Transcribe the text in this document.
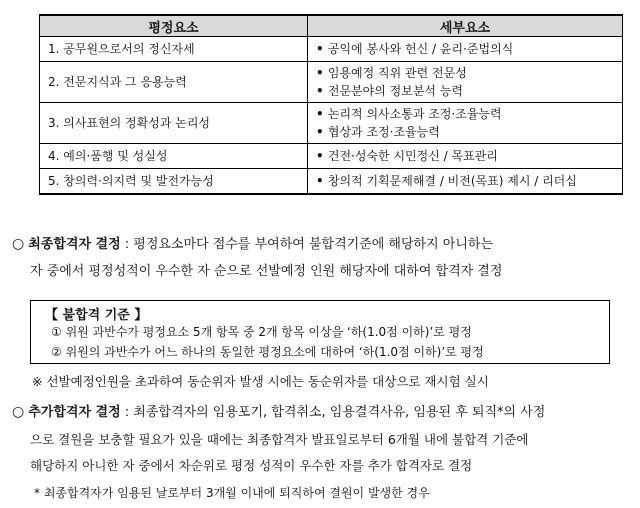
평정요소	세부요소
1. 공무원으로서의 정신자세	• 공익에 봉사와 헌신 / 윤리·준법의식

2. 전문지식과 그 응용능력	• 임용예정 직위 관련 전문성
• 전문분야의 정보분석 능력

3. 의사표현의 정확성과 논리성	• 논리적 의사소통과 조정·조율능력
• 협상과 조정·조율능력

4. 예의·품행 및 성실성	• 건전·성숙한 시민정신 / 목표관리

5. 창의력·의지력 및 발전가능성	• 창의적 기획문제해결 / 비전(목표) 제시 / 리더십
○ 최종합격자 결정 : 평정요소마다 점수를 부여하여 불합격기준에 해당하지 아니하는
자 중에서 평정성적이 우수한 자 순으로 선발예정 인원 해당자에 대하여 합격자 결정
【 불합격 기준 】
① 위원 과반수가 평정요소 5개 항목 중 2개 항목 이상을 ‘하(1.0점 이하)’로 평정
② 위원의 과반수가 어느 하나의 동일한 평정요소에 대하여 ‘하(1.0점 이하)’로 평정
※ 선발예정인원을 초과하여 동순위자 발생 시에는 동순위자를 대상으로 재시험 실시
○ 추가합격자 결정 : 최종합격자의 임용포기, 합격취소, 임용결격사유, 임용된 후 퇴직*의 사정
으로 결원을 보충할 필요가 있을 때에는 최종합격자 발표일로부터 6개월 내에 불합격 기준에
해당하지 아니한 자 중에서 차순위로 평정 성적이 우수한 자를 추가 합격자로 결정
* 최종합격자가 임용된 날로부터 3개월 이내에 퇴직하여 결원이 발생한 경우
